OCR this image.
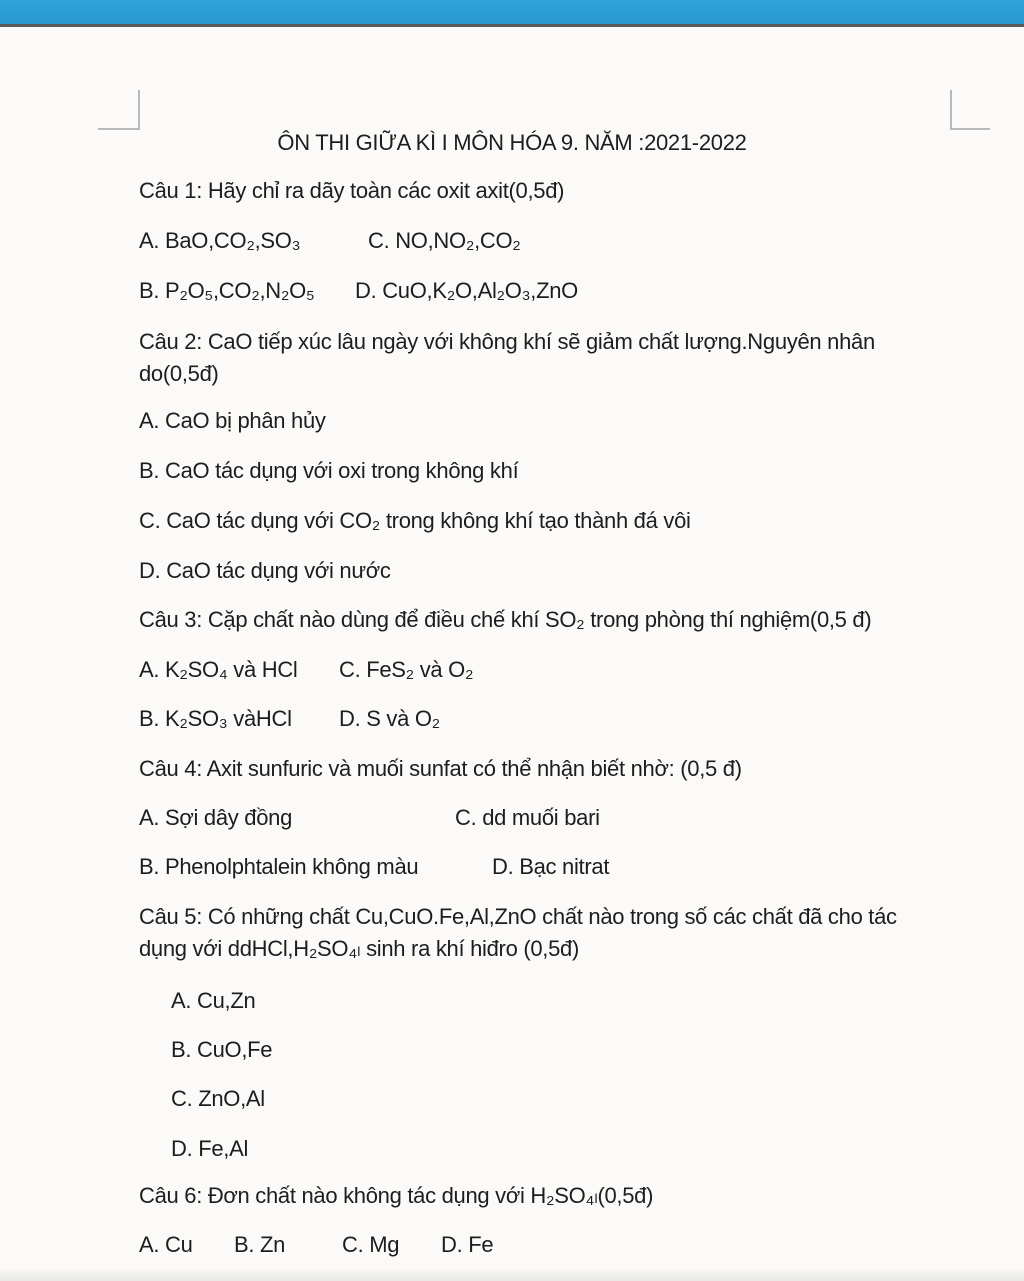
ÔN THI GIỮA KÌ I MÔN HÓA 9. NĂM :2021-2022
Câu 1: Hãy chỉ ra dãy toàn các oxit axit(0,5đ)
A. BaO,CO₂,SO₃	C. NO,NO₂,CO₂
B. P₂O₅,CO₂,N₂O₅ D. CuO,K₂O,Al₂O₃,ZnO
Câu 2: CaO tiếp xúc lâu ngày với không khí sẽ giảm chất lượng.Nguyên nhân do(0,5đ)
A. CaO bị phân hủy
B. CaO tác dụng với oxi trong không khí
C. CaO tác dụng với CO₂ trong không khí tạo thành đá vôi
D. CaO tác dụng với nước
Câu 3: Cặp chất nào dùng để điều chế khí SO₂ trong phòng thí nghiệm(0,5 đ)
A. K₂SO₄ và HCl C. FeS₂ và O₂
B. K₂SO₃ vàHCl D. S và O₂
Câu 4: Axit sunfuric và muối sunfat có thể nhận biết nhờ: (0,5 đ)
A. Sợi dây đồng	C. dd muối bari
B. Phenolphtalein không màu	D. Bạc nitrat
Câu 5: Có những chất Cu,CuO.Fe,Al,ZnO chất nào trong số các chất đã cho tác dụng với ddHCl,H₂SO₄ₗ sinh ra khí hiđro (0,5đ)
A. Cu,Zn
B. CuO,Fe
C. ZnO,Al
D. Fe,Al
Câu 6: Đơn chất nào không tác dụng với H₂SO₄ₗ(0,5đ)
A. Cu B. Zn	C. Mg D. Fe
